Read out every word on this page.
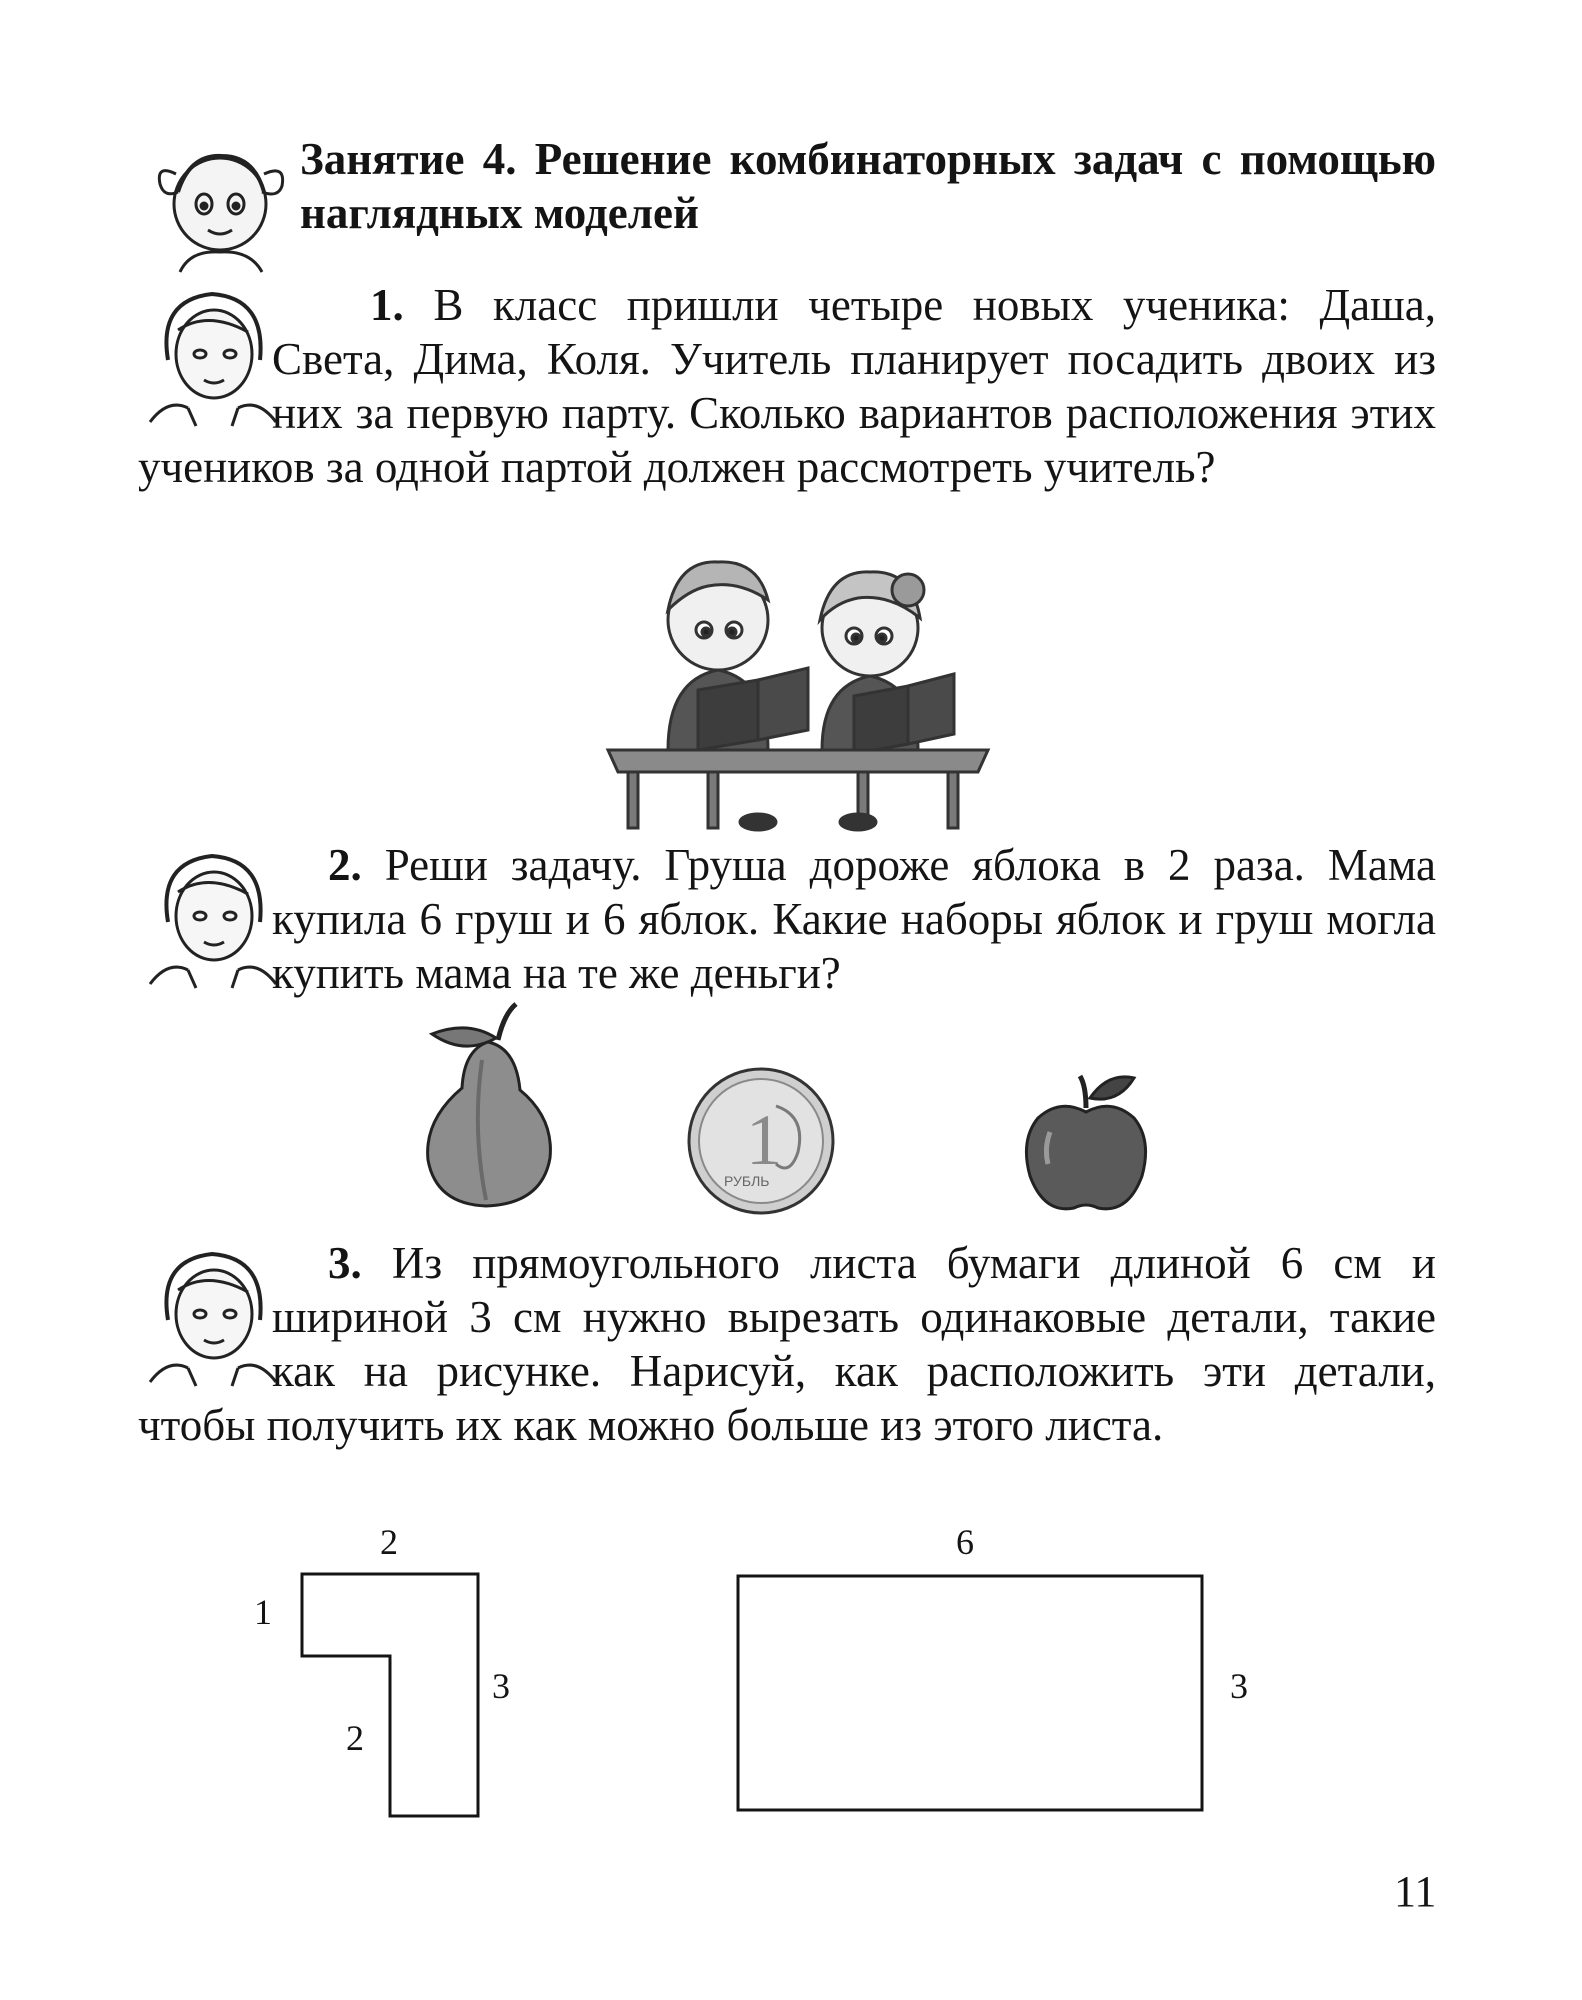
Занятие 4. Решение комбинаторных задач с помощью наглядных моделей
1. В класс пришли четыре новых ученика: Даша, Света, Дима, Коля. Учитель планирует посадить двоих из них за первую парту. Сколько вариантов расположения этих учеников за одной партой должен рассмотреть учитель?
2. Реши задачу. Груша дороже яблока в 2 раза. Мама купила 6 груш и 6 яблок. Какие наборы яблок и груш могла купить мама на те же деньги?
1
РУБЛЬ
3. Из прямоугольного листа бумаги длиной 6 см и шириной 3 см нужно вырезать одинаковые детали, такие как на рисунке. Нарисуй, как расположить эти детали, чтобы получить их как можно больше из этого листа.
2
1
3
2
6
3
11
